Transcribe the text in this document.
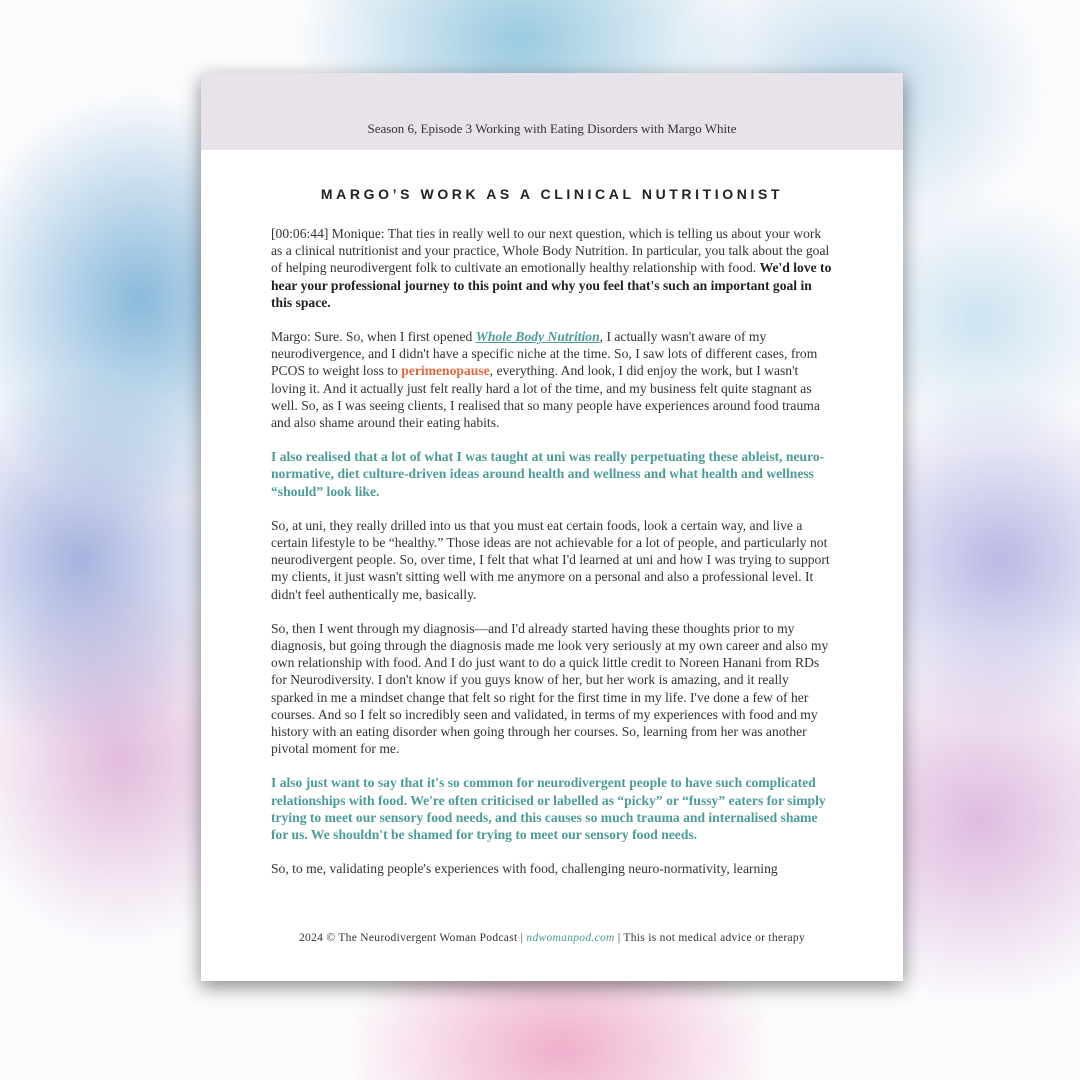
Season 6, Episode 3 Working with Eating Disorders with Margo White
MARGO’S WORK AS A CLINICAL NUTRITIONIST

[00:06:44] Monique: That ties in really well to our next question, which is telling us about your work as a clinical nutritionist and your practice, Whole Body Nutrition. In particular, you talk about the goal of helping neurodivergent folk to cultivate an emotionally healthy relationship with food. We'd love to hear your professional journey to this point and why you feel that's such an important goal in this space.

Margo: Sure. So, when I first opened Whole Body Nutrition, I actually wasn't aware of my neurodivergence, and I didn't have a specific niche at the time. So, I saw lots of different cases, from PCOS to weight loss to perimenopause, everything. And look, I did enjoy the work, but I wasn't loving it. And it actually just felt really hard a lot of the time, and my business felt quite stagnant as well. So, as I was seeing clients, I realised that so many people have experiences around food trauma and also shame around their eating habits.

I also realised that a lot of what I was taught at uni was really perpetuating these ableist, neuro-normative, diet culture-driven ideas around health and wellness and what health and wellness “should” look like.

So, at uni, they really drilled into us that you must eat certain foods, look a certain way, and live a certain lifestyle to be “healthy.” Those ideas are not achievable for a lot of people, and particularly not neurodivergent people. So, over time, I felt that what I'd learned at uni and how I was trying to support my clients, it just wasn't sitting well with me anymore on a personal and also a professional level. It didn't feel authentically me, basically.

So, then I went through my diagnosis—and I'd already started having these thoughts prior to my diagnosis, but going through the diagnosis made me look very seriously at my own career and also my own relationship with food. And I do just want to do a quick little credit to Noreen Hanani from RDs for Neurodiversity. I don't know if you guys know of her, but her work is amazing, and it really sparked in me a mindset change that felt so right for the first time in my life. I've done a few of her courses. And so I felt so incredibly seen and validated, in terms of my experiences with food and my history with an eating disorder when going through her courses. So, learning from her was another pivotal moment for me.

I also just want to say that it's so common for neurodivergent people to have such complicated relationships with food. We're often criticised or labelled as “picky” or “fussy” eaters for simply trying to meet our sensory food needs, and this causes so much trauma and internalised shame for us. We shouldn't be shamed for trying to meet our sensory food needs.

So, to me, validating people's experiences with food, challenging neuro-normativity, learning

2024 © The Neurodivergent Woman Podcast | ndwomanpod.com | This is not medical advice or therapy
